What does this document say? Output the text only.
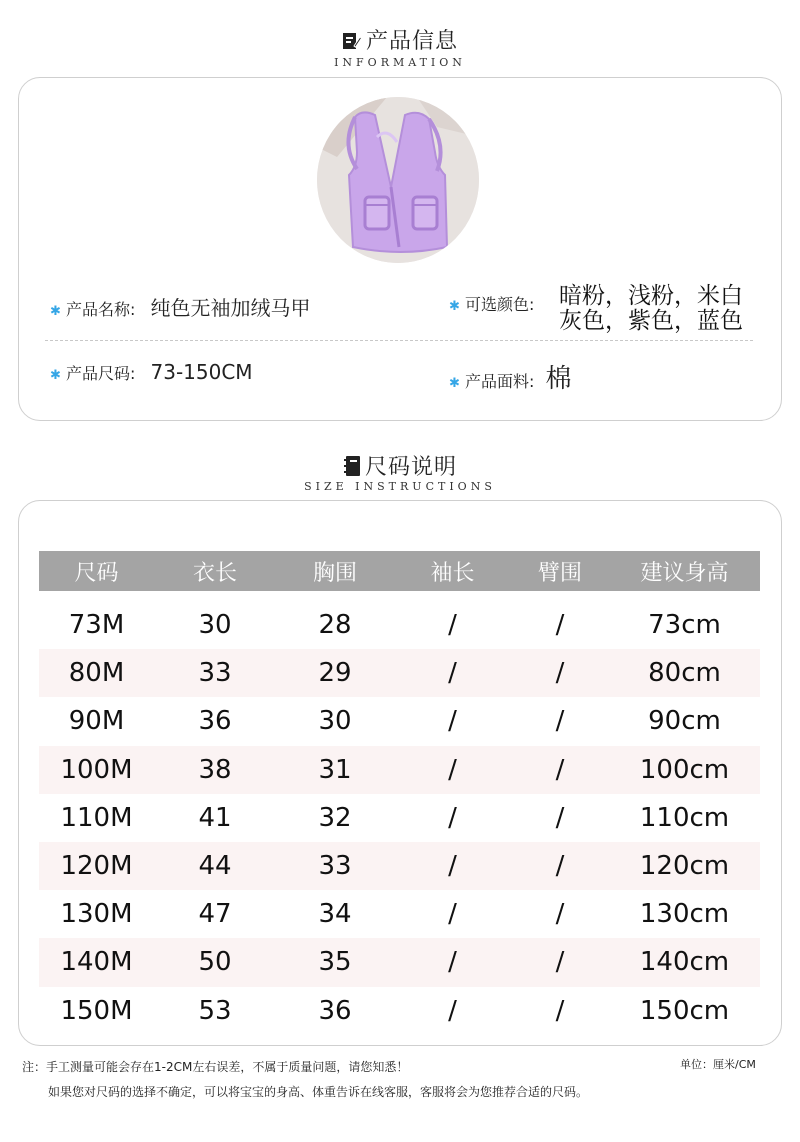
产品信息
INFORMATION
✱ 产品名称: 纯色无袖加绒马甲	✱ 可选颜色:	暗粉，浅粉，米白
灰色，紫色，蓝色
✱ 产品尺码: 73-150CM	✱ 产品面料: 棉
尺码说明
SIZE INSTRUCTIONS
尺码	衣长	胸围	袖长	臂围	建议身高

73M	30	28	/	/	73cm
80M	33	29	/	/	80cm
90M	36	30	/	/	90cm
100M	38	31	/	/	100cm
110M	41	32	/	/	110cm
120M	44	33	/	/	120cm
130M	47	34	/	/	130cm
140M	50	35	/	/	140cm
150M	53	36	/	/	150cm
注：手工测量可能会存在1-2CM左右误差，不属于质量问题，请您知悉！	单位：厘米/CM
如果您对尺码的选择不确定，可以将宝宝的身高、体重告诉在线客服，客服将会为您推荐合适的尺码。
